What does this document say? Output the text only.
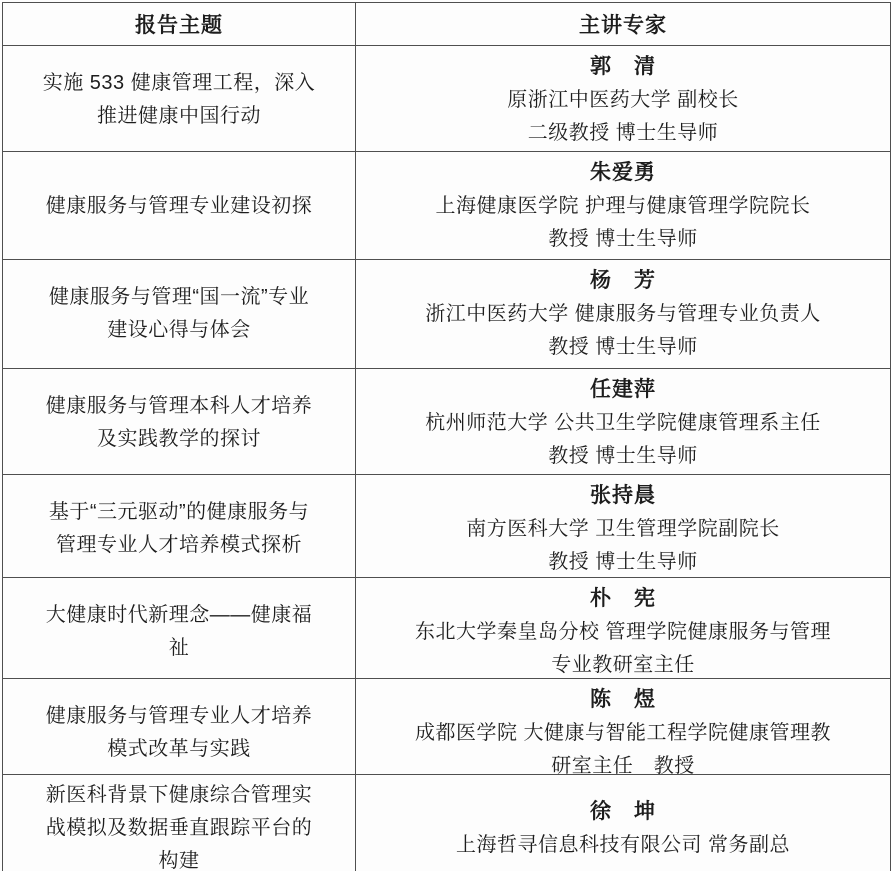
报告主题	主讲专家
实施 533 健康管理工程，深入
推进健康中国行动
郭　清
原浙江中医药大学 副校长
二级教授 博士生导师
健康服务与管理专业建设初探
朱爱勇
上海健康医学院 护理与健康管理学院院长
教授 博士生导师
健康服务与管理“国一流”专业
建设心得与体会
杨　芳
浙江中医药大学 健康服务与管理专业负责人
教授 博士生导师
健康服务与管理本科人才培养
及实践教学的探讨
任建萍
杭州师范大学 公共卫生学院健康管理系主任
教授 博士生导师
基于“三元驱动”的健康服务与
管理专业人才培养模式探析
张持晨
南方医科大学 卫生管理学院副院长
教授 博士生导师
大健康时代新理念——健康福
祉
朴　宪
东北大学秦皇岛分校 管理学院健康服务与管理
专业教研室主任
健康服务与管理专业人才培养
模式改革与实践
陈　煜
成都医学院 大健康与智能工程学院健康管理教
研室主任　教授
新医科背景下健康综合管理实
战模拟及数据垂直跟踪平台的
构建
徐　坤
上海哲寻信息科技有限公司 常务副总
